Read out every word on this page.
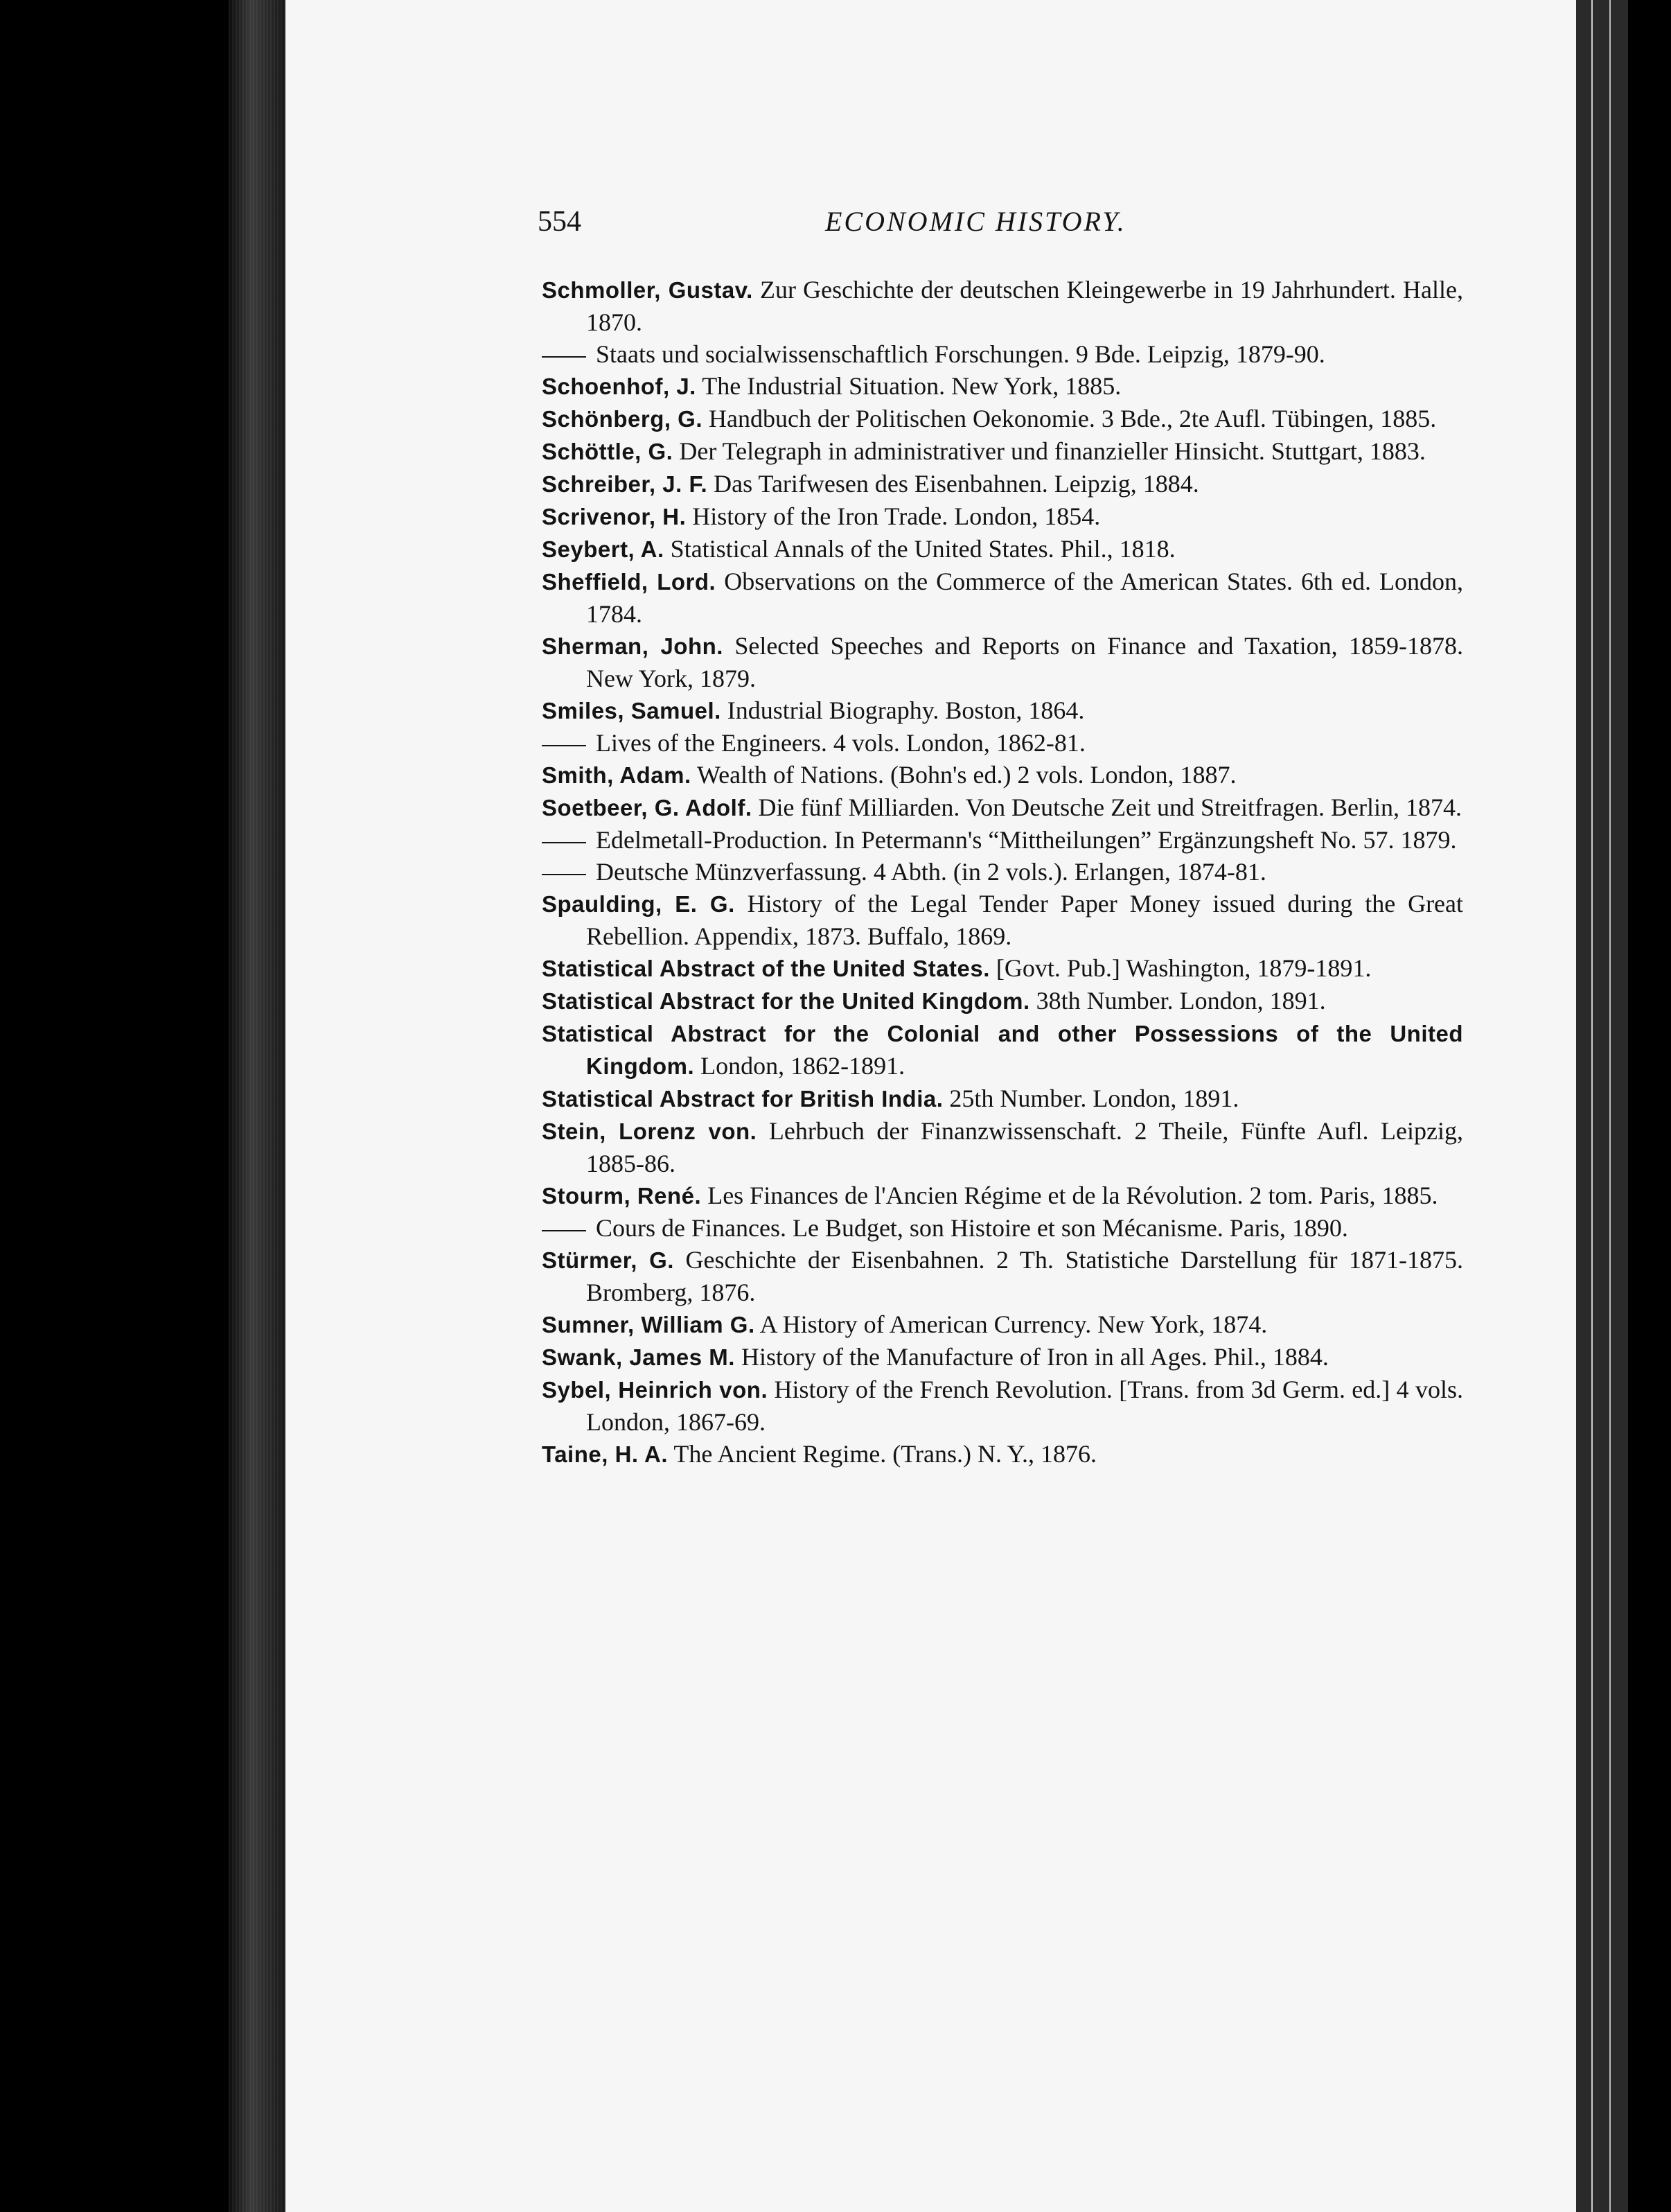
554	ECONOMIC HISTORY.
Schmoller, Gustav. Zur Geschichte der deutschen Kleingewerbe in 19 Jahrhundert. Halle, 1870.
Staats und socialwissenschaftlich Forschungen. 9 Bde. Leipzig, 1879-90.
Schoenhof, J. The Industrial Situation. New York, 1885.
Schönberg, G. Handbuch der Politischen Oekonomie. 3 Bde., 2te Aufl. Tübingen, 1885.
Schöttle, G. Der Telegraph in administrativer und finanzieller Hinsicht. Stuttgart, 1883.
Schreiber, J. F. Das Tarifwesen des Eisenbahnen. Leipzig, 1884.
Scrivenor, H. History of the Iron Trade. London, 1854.
Seybert, A. Statistical Annals of the United States. Phil., 1818.
Sheffield, Lord. Observations on the Commerce of the American States. 6th ed. London, 1784.
Sherman, John. Selected Speeches and Reports on Finance and Taxation, 1859-1878. New York, 1879.
Smiles, Samuel. Industrial Biography. Boston, 1864.
Lives of the Engineers. 4 vols. London, 1862-81.
Smith, Adam. Wealth of Nations. (Bohn's ed.) 2 vols. London, 1887.
Soetbeer, G. Adolf. Die fünf Milliarden. Von Deutsche Zeit und Streitfragen. Berlin, 1874.
Edelmetall-Production. In Petermann's “Mittheilungen” Ergänzungsheft No. 57. 1879.
Deutsche Münzverfassung. 4 Abth. (in 2 vols.). Erlangen, 1874-81.
Spaulding, E. G. History of the Legal Tender Paper Money issued during the Great Rebellion. Appendix, 1873. Buffalo, 1869.
Statistical Abstract of the United States. [Govt. Pub.] Washington, 1879-1891.
Statistical Abstract for the United Kingdom. 38th Number. London, 1891.
Statistical Abstract for the Colonial and other Possessions of the United Kingdom. London, 1862-1891.
Statistical Abstract for British India. 25th Number. London, 1891.
Stein, Lorenz von. Lehrbuch der Finanzwissenschaft. 2 Theile, Fünfte Aufl. Leipzig, 1885-86.
Stourm, René. Les Finances de l'Ancien Régime et de la Révolution. 2 tom. Paris, 1885.
Cours de Finances. Le Budget, son Histoire et son Mécanisme. Paris, 1890.
Stürmer, G. Geschichte der Eisenbahnen. 2 Th. Statistiche Darstellung für 1871-1875. Bromberg, 1876.
Sumner, William G. A History of American Currency. New York, 1874.
Swank, James M. History of the Manufacture of Iron in all Ages. Phil., 1884.
Sybel, Heinrich von. History of the French Revolution. [Trans. from 3d Germ. ed.] 4 vols. London, 1867-69.
Taine, H. A. The Ancient Regime. (Trans.) N. Y., 1876.
